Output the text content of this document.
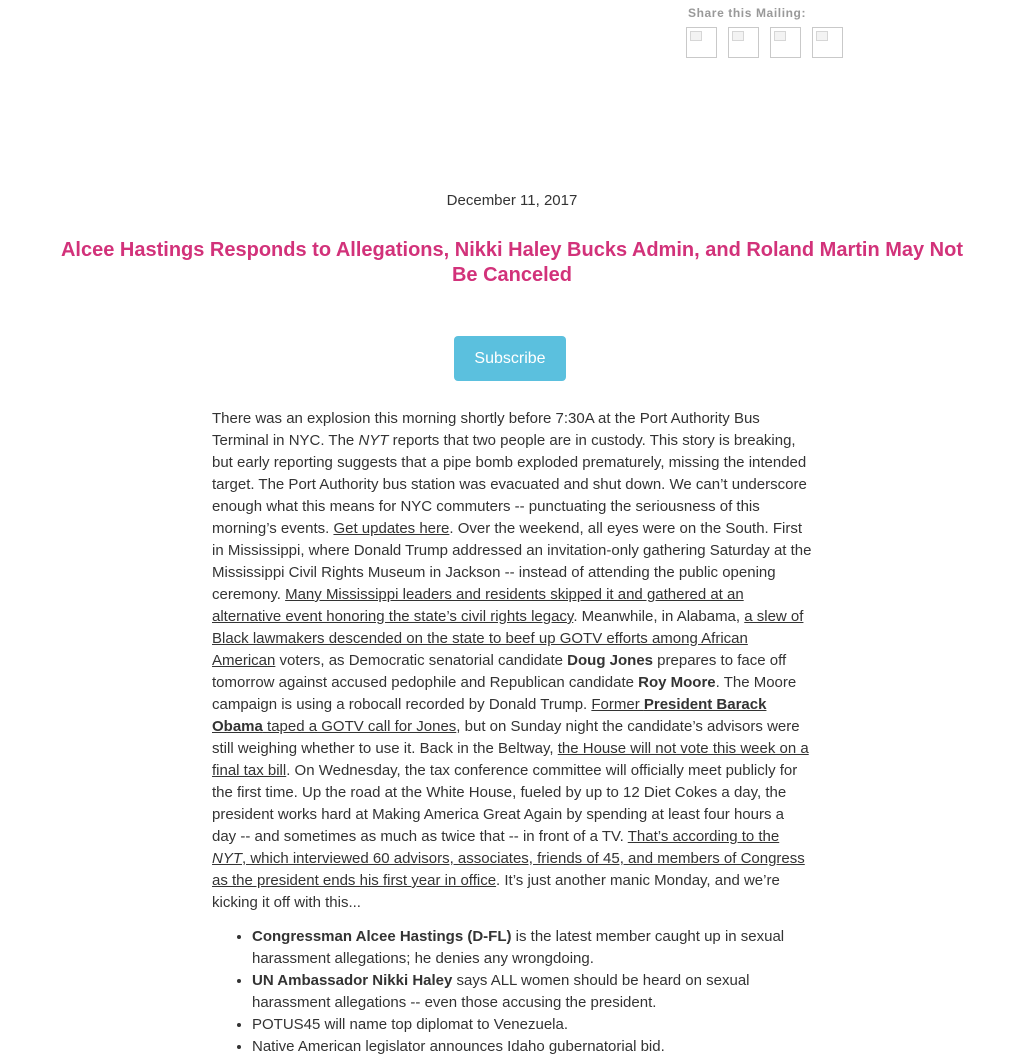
Share this Mailing:
December 11, 2017
Alcee Hastings Responds to Allegations, Nikki Haley Bucks Admin, and Roland Martin May Not Be Canceled
Subscribe

There was an explosion this morning shortly before 7:30A at the Port Authority Bus Terminal in NYC. The NYT reports that two people are in custody. This story is breaking, but early reporting suggests that a pipe bomb exploded prematurely, missing the intended target. The Port Authority bus station was evacuated and shut down. We can’t underscore enough what this means for NYC commuters -- punctuating the seriousness of this morning’s events. Get updates here. Over the weekend, all eyes were on the South. First in Mississippi, where Donald Trump addressed an invitation-only gathering Saturday at the Mississippi Civil Rights Museum in Jackson -- instead of attending the public opening ceremony. Many Mississippi leaders and residents skipped it and gathered at an alternative event honoring the state’s civil rights legacy. Meanwhile, in Alabama, a slew of Black lawmakers descended on the state to beef up GOTV efforts among African American voters, as Democratic senatorial candidate Doug Jones prepares to face off tomorrow against accused pedophile and Republican candidate Roy Moore. The Moore campaign is using a robocall recorded by Donald Trump. Former President Barack Obama taped a GOTV call for Jones, but on Sunday night the candidate’s advisors were still weighing whether to use it. Back in the Beltway, the House will not vote this week on a final tax bill. On Wednesday, the tax conference committee will officially meet publicly for the first time. Up the road at the White House, fueled by up to 12 Diet Cokes a day, the president works hard at Making America Great Again by spending at least four hours a day -- and sometimes as much as twice that -- in front of a TV. That’s according to the NYT, which interviewed 60 advisors, associates, friends of 45, and members of Congress as the president ends his first year in office. It’s just another manic Monday, and we’re kicking it off with this...

• Congressman Alcee Hastings (D-FL) is the latest member caught up in sexual harassment allegations; he denies any wrongdoing.
• UN Ambassador Nikki Haley says ALL women should be heard on sexual harassment allegations -- even those accusing the president.
• POTUS45 will name top diplomat to Venezuela.
• Native American legislator announces Idaho gubernatorial bid.
